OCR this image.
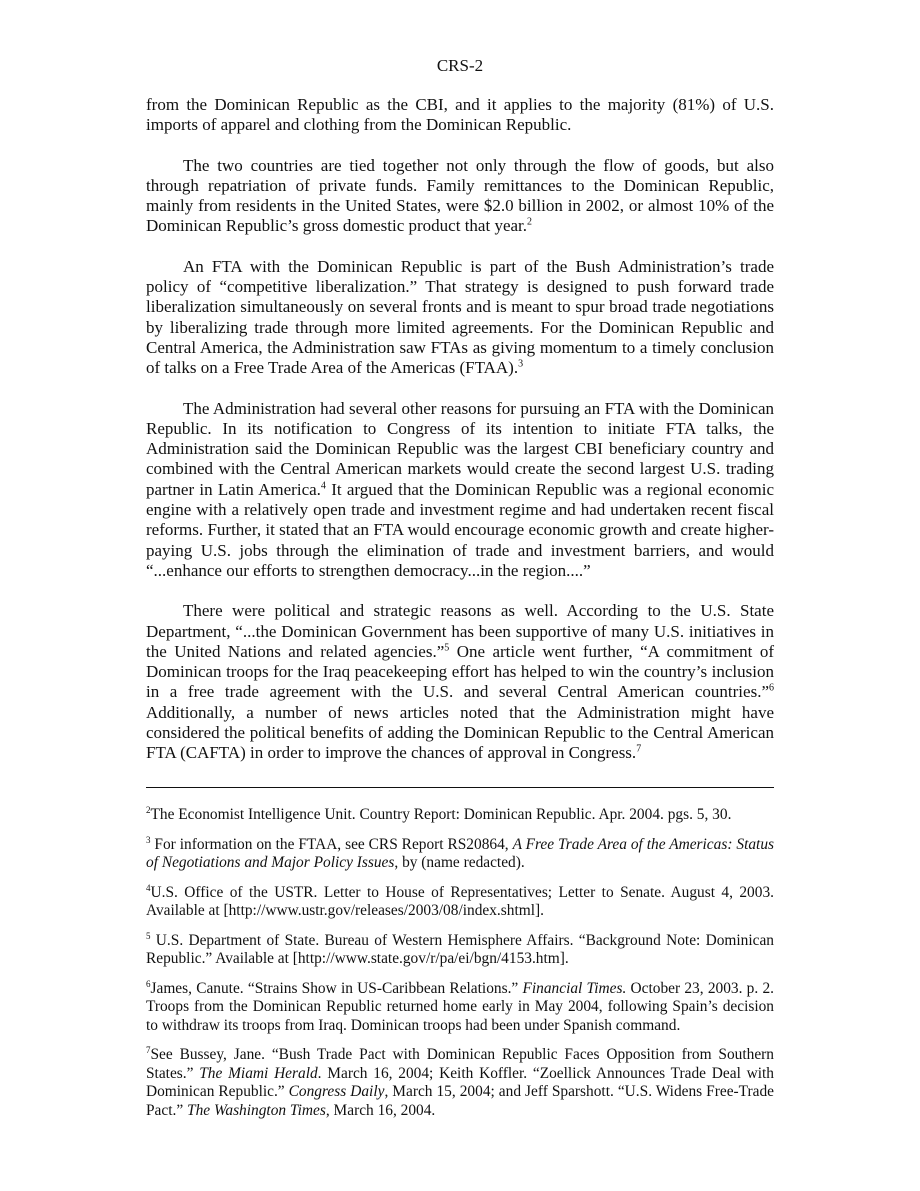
CRS-2

from the Dominican Republic as the CBI, and it applies to the majority (81%) of U.S. imports of apparel and clothing from the Dominican Republic.

The two countries are tied together not only through the flow of goods, but also through repatriation of private funds. Family remittances to the Dominican Republic, mainly from residents in the United States, were $2.0 billion in 2002, or almost 10% of the Dominican Republic’s gross domestic product that year.$^2$

An FTA with the Dominican Republic is part of the Bush Administration’s trade policy of “competitive liberalization.” That strategy is designed to push forward trade liberalization simultaneously on several fronts and is meant to spur broad trade negotiations by liberalizing trade through more limited agreements. For the Dominican Republic and Central America, the Administration saw FTAs as giving momentum to a timely conclusion of talks on a Free Trade Area of the Americas (FTAA).$^3$

The Administration had several other reasons for pursuing an FTA with the Dominican Republic. In its notification to Congress of its intention to initiate FTA talks, the Administration said the Dominican Republic was the largest CBI beneficiary country and combined with the Central American markets would create the second largest U.S. trading partner in Latin America.$^4$ It argued that the Dominican Republic was a regional economic engine with a relatively open trade and investment regime and had undertaken recent fiscal reforms. Further, it stated that an FTA would encourage economic growth and create higher-paying U.S. jobs through the elimination of trade and investment barriers, and would “...enhance our efforts to strengthen democracy...in the region....”

There were political and strategic reasons as well. According to the U.S. State Department, “...the Dominican Government has been supportive of many U.S. initiatives in the United Nations and related agencies.”$^5$ One article went further, “A commitment of Dominican troops for the Iraq peacekeeping effort has helped to win the country’s inclusion in a free trade agreement with the U.S. and several Central American countries.”$^6$ Additionally, a number of news articles noted that the Administration might have considered the political benefits of adding the Dominican Republic to the Central American FTA (CAFTA) in order to improve the chances of approval in Congress.$^7$

$^2$The Economist Intelligence Unit. Country Report: Dominican Republic. Apr. 2004. pgs. 5, 30.

$^3$ For information on the FTAA, see CRS Report RS20864, A Free Trade Area of the Americas: Status of Negotiations and Major Policy Issues, by (name redacted).

$^4$U.S. Office of the USTR. Letter to House of Representatives; Letter to Senate. August 4, 2003. Available at [http://www.ustr.gov/releases/2003/08/index.shtml].

$^5$ U.S. Department of State. Bureau of Western Hemisphere Affairs. “Background Note: Dominican Republic.” Available at [http://www.state.gov/r/pa/ei/bgn/4153.htm].

$^6$James, Canute. “Strains Show in US-Caribbean Relations.” Financial Times. October 23, 2003. p. 2. Troops from the Dominican Republic returned home early in May 2004, following Spain’s decision to withdraw its troops from Iraq. Dominican troops had been under Spanish command.

$^7$See Bussey, Jane. “Bush Trade Pact with Dominican Republic Faces Opposition from Southern States.” The Miami Herald. March 16, 2004; Keith Koffler. “Zoellick Announces Trade Deal with Dominican Republic.” Congress Daily, March 15, 2004; and Jeff Sparshott. “U.S. Widens Free-Trade Pact.” The Washington Times, March 16, 2004.
